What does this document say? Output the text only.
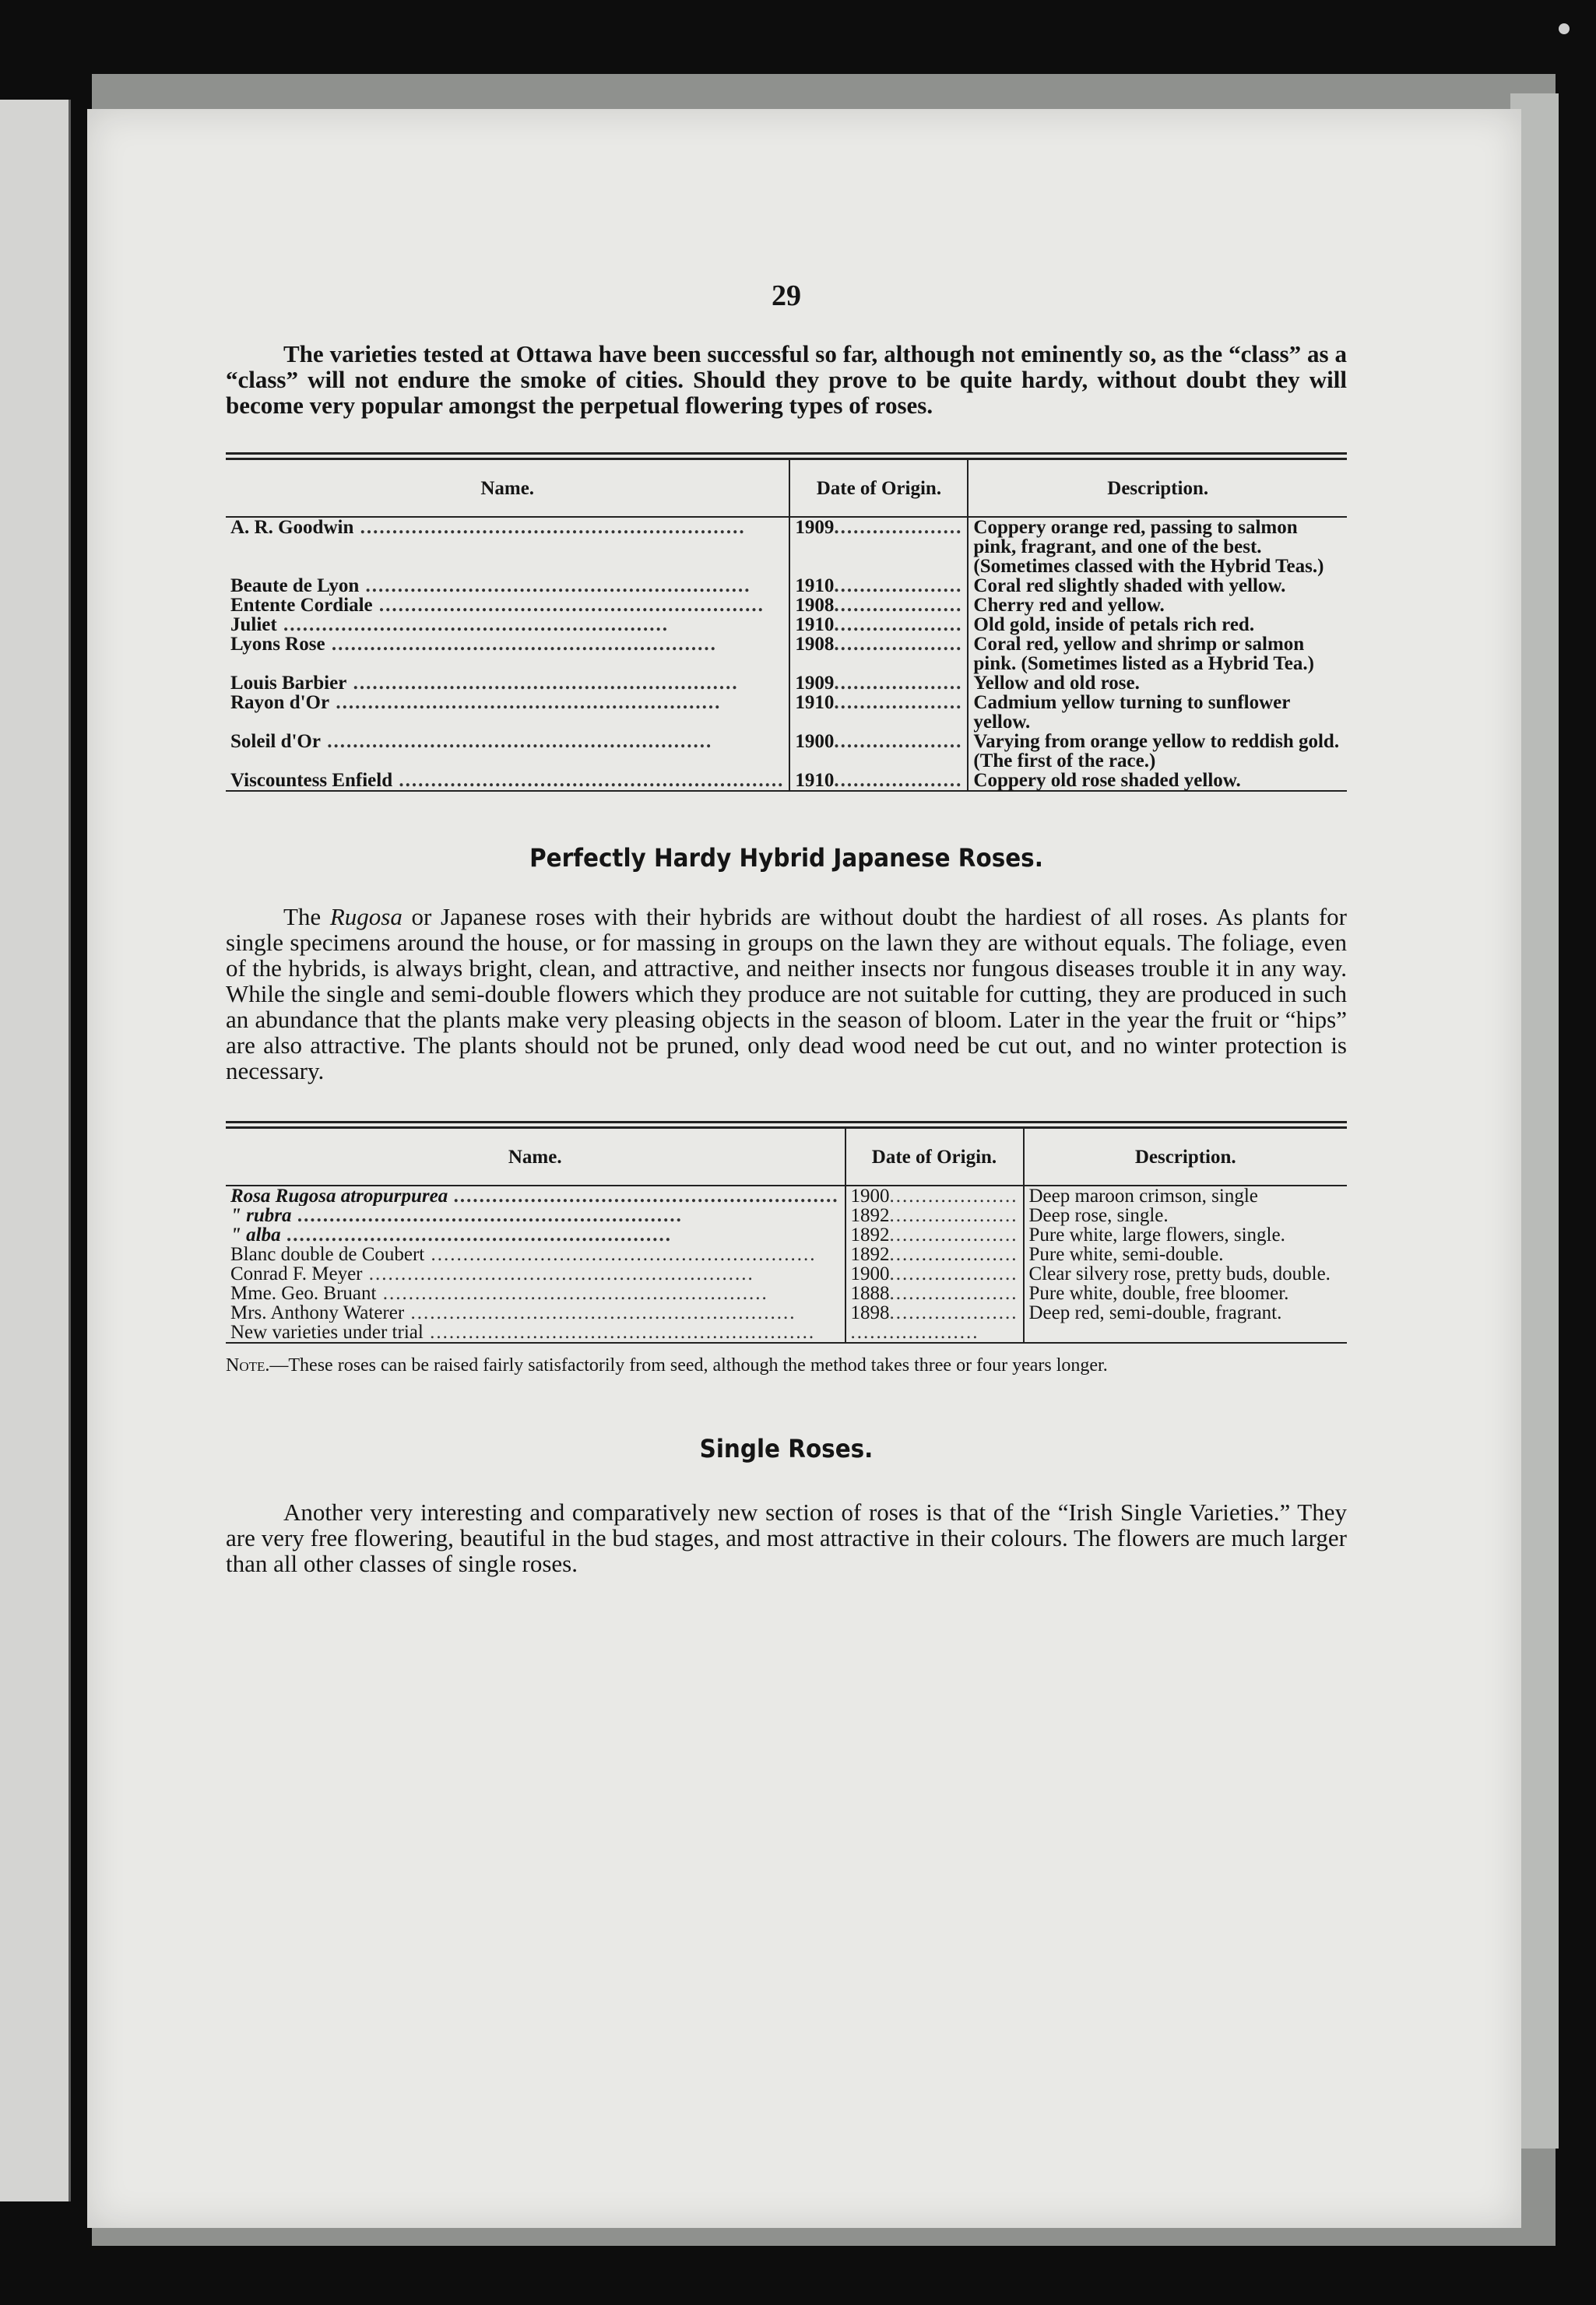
29

The varieties tested at Ottawa have been successful so far, although not eminently so, as the “class” as a “class” will not endure the smoke of cities. Should they prove to be quite hardy, without doubt they will become very popular amongst the perpetual flowering types of roses.

Name.	Date of Origin.	Description.
A. R. Goodwin ............................................................	1909....................	Coppery orange red, passing to salmon pink, fragrant, and one of the best. (Sometimes classed with the Hybrid Teas.)
Beaute de Lyon ............................................................	1910....................	Coral red slightly shaded with yellow.
Entente Cordiale ............................................................	1908....................	Cherry red and yellow.
Juliet ............................................................	1910....................	Old gold, inside of petals rich red.
Lyons Rose ............................................................	1908....................	Coral red, yellow and shrimp or salmon pink. (Sometimes listed as a Hybrid Tea.)
Louis Barbier ............................................................	1909....................	Yellow and old rose.
Rayon d'Or ............................................................	1910....................	Cadmium yellow turning to sunflower yellow.
Soleil d'Or ............................................................	1900....................	Varying from orange yellow to reddish gold. (The first of the race.)
Viscountess Enfield ............................................................	1910....................	Coppery old rose shaded yellow.
Perfectly Hardy Hybrid Japanese Roses.

The Rugosa or Japanese roses with their hybrids are without doubt the hardiest of all roses. As plants for single specimens around the house, or for massing in groups on the lawn they are without equals. The foliage, even of the hybrids, is always bright, clean, and attractive, and neither insects nor fungous diseases trouble it in any way. While the single and semi-double flowers which they produce are not suitable for cutting, they are produced in such an abundance that the plants make very pleasing objects in the season of bloom. Later in the year the fruit or “hips” are also attractive. The plants should not be pruned, only dead wood need be cut out, and no winter protection is necessary.

Name.	Date of Origin.	Description.
Rosa Rugosa atropurpurea ............................................................	1900....................	Deep maroon crimson, single
" rubra ............................................................	1892....................	Deep rose, single.
" alba ............................................................	1892....................	Pure white, large flowers, single.
Blanc double de Coubert ............................................................	1892....................	Pure white, semi-double.
Conrad F. Meyer ............................................................	1900....................	Clear silvery rose, pretty buds, double.
Mme. Geo. Bruant ............................................................	1888....................	Pure white, double, free bloomer.
Mrs. Anthony Waterer ............................................................	1898....................	Deep red, semi-double, fragrant.
New varieties under trial ............................................................	....................	
Note.—These roses can be raised fairly satisfactorily from seed, although the method takes three or four years longer.
Single Roses.

Another very interesting and comparatively new section of roses is that of the “Irish Single Varieties.” They are very free flowering, beautiful in the bud stages, and most attractive in their colours. The flowers are much larger than all other classes of single roses.
